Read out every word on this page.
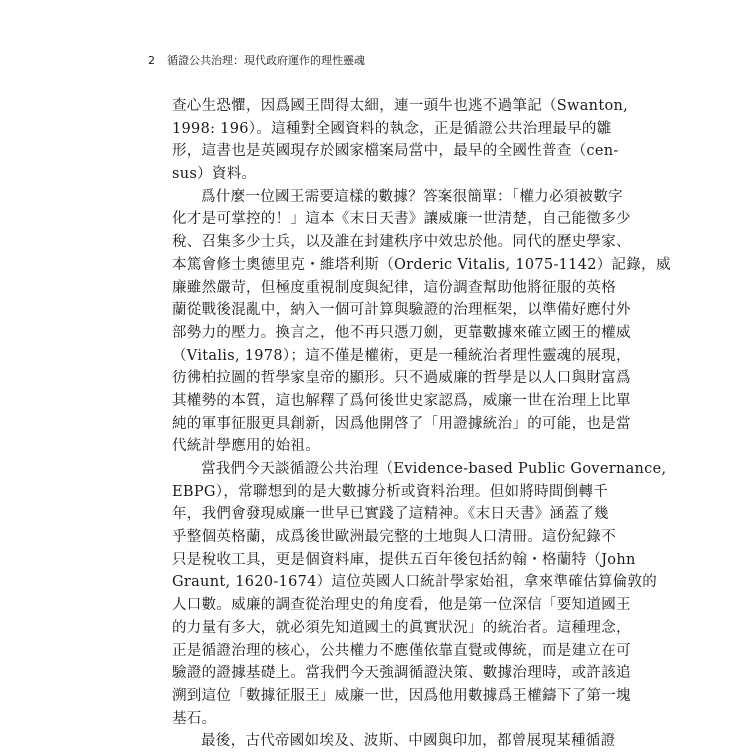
2 循證公共治理：現代政府運作的理性靈魂
查心生恐懼，因爲國王問得太細，連一頭牛也逃不過筆記（Swanton,
1998: 196）。這種對全國資料的執念，正是循證公共治理最早的雛
形，這書也是英國現存於國家檔案局當中，最早的全國性普查（cen-
sus）資料。
爲什麼一位國王需要這樣的數據？答案很簡單：「權力必須被數字
化才是可掌控的！」這本《末日天書》讓威廉一世清楚，自己能徵多少
稅、召集多少士兵，以及誰在封建秩序中效忠於他。同代的歷史學家、
本篤會修士奧德里克・維塔利斯（Orderic Vitalis, 1075-1142）記錄，威
廉雖然嚴苛，但極度重視制度與紀律，這份調查幫助他將征服的英格
蘭從戰後混亂中，納入一個可計算與驗證的治理框架，以準備好應付外
部勢力的壓力。換言之，他不再只憑刀劍，更靠數據來確立國王的權威
（Vitalis, 1978）；這不僅是權術，更是一種統治者理性靈魂的展現，
彷彿柏拉圖的哲學家皇帝的顯形。只不過威廉的哲學是以人口與財富爲
其權勢的本質，這也解釋了爲何後世史家認爲，威廉一世在治理上比單
純的軍事征服更具創新，因爲他開啓了「用證據統治」的可能，也是當
代統計學應用的始祖。
當我們今天談循證公共治理（Evidence-based Public Governance,
EBPG），常聯想到的是大數據分析或資料治理。但如將時間倒轉千
年，我們會發現威廉一世早已實踐了這精神。《末日天書》涵蓋了幾
乎整個英格蘭，成爲後世歐洲最完整的土地與人口清冊。這份紀錄不
只是稅收工具，更是個資料庫，提供五百年後包括約翰・格蘭特（John
Graunt, 1620-1674）這位英國人口統計學家始祖，拿來準確估算倫敦的
人口數。威廉的調查從治理史的角度看，他是第一位深信「要知道國王
的力量有多大，就必須先知道國土的眞實狀況」的統治者。這種理念，
正是循證治理的核心，公共權力不應僅依靠直覺或傳統，而是建立在可
驗證的證據基礎上。當我們今天強調循證決策、數據治理時，或許該追
溯到這位「數據征服王」威廉一世，因爲他用數據爲王權鑄下了第一塊
基石。
最後，古代帝國如埃及、波斯、中國與印加，都曾展現某種循證
